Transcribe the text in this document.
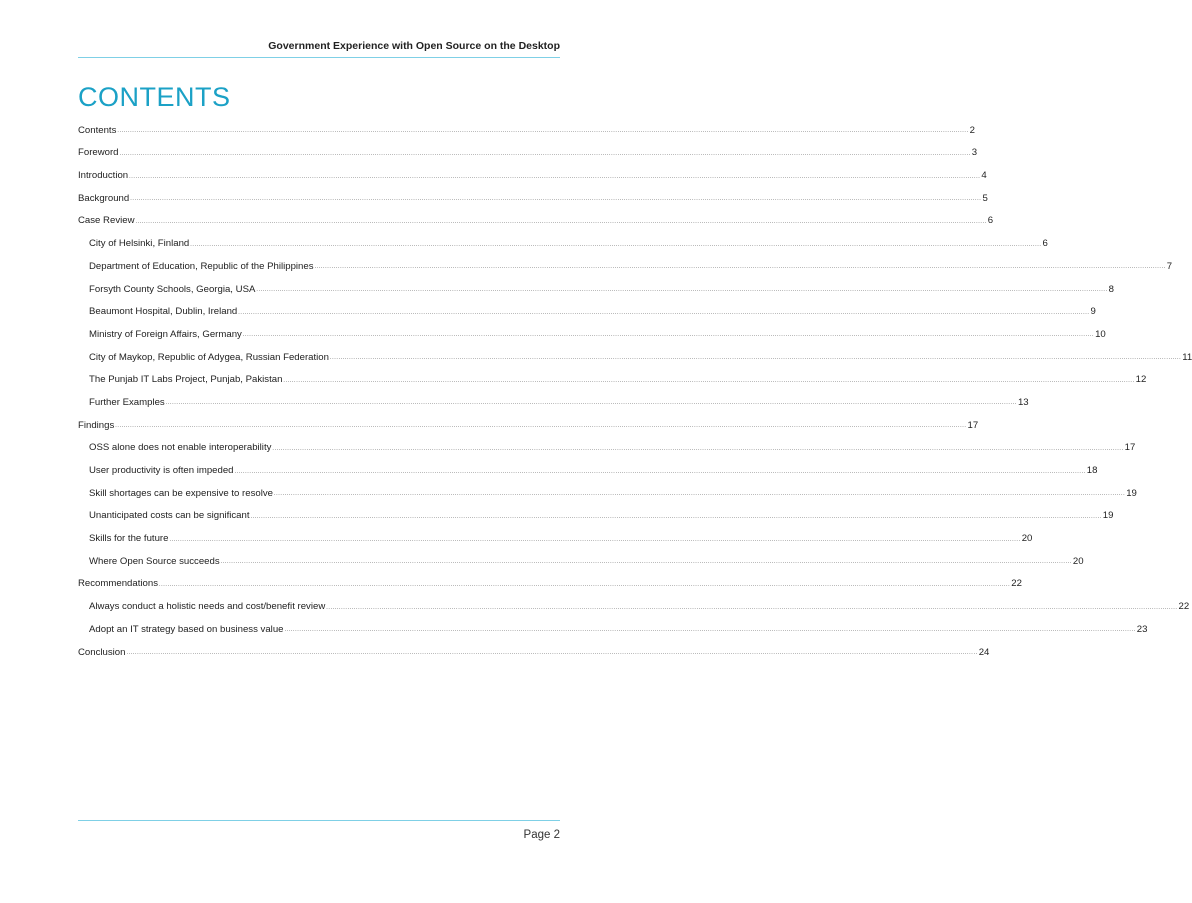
Government Experience with Open Source on the Desktop
CONTENTS
Contents ................................................................................................................................................................................................................................................................................................................................................................................................................ 2
Foreword ................................................................................................................................................................................................................................................................................................................................................................................................................ 3
Introduction ................................................................................................................................................................................................................................................................................................................................................................................................................ 4
Background ................................................................................................................................................................................................................................................................................................................................................................................................................ 5
Case Review ................................................................................................................................................................................................................................................................................................................................................................................................................ 6
City of Helsinki, Finland ................................................................................................................................................................................................................................................................................................................................................................................................................ 6
Department of Education, Republic of the Philippines ................................................................................................................................................................................................................................................................................................................................................................................................................ 7
Forsyth County Schools, Georgia, USA ................................................................................................................................................................................................................................................................................................................................................................................................................ 8
Beaumont Hospital, Dublin, Ireland ................................................................................................................................................................................................................................................................................................................................................................................................................ 9
Ministry of Foreign Affairs, Germany ................................................................................................................................................................................................................................................................................................................................................................................................................ 10
City of Maykop, Republic of Adygea, Russian Federation ................................................................................................................................................................................................................................................................................................................................................................................................................ 11
The Punjab IT Labs Project, Punjab, Pakistan ................................................................................................................................................................................................................................................................................................................................................................................................................ 12
Further Examples ................................................................................................................................................................................................................................................................................................................................................................................................................ 13
Findings ................................................................................................................................................................................................................................................................................................................................................................................................................ 17
OSS alone does not enable interoperability ................................................................................................................................................................................................................................................................................................................................................................................................................ 17
User productivity is often impeded ................................................................................................................................................................................................................................................................................................................................................................................................................ 18
Skill shortages can be expensive to resolve ................................................................................................................................................................................................................................................................................................................................................................................................................ 19
Unanticipated costs can be significant ................................................................................................................................................................................................................................................................................................................................................................................................................ 19
Skills for the future ................................................................................................................................................................................................................................................................................................................................................................................................................ 20
Where Open Source succeeds ................................................................................................................................................................................................................................................................................................................................................................................................................ 20
Recommendations ................................................................................................................................................................................................................................................................................................................................................................................................................ 22
Always conduct a holistic needs and cost/benefit review ................................................................................................................................................................................................................................................................................................................................................................................................................ 22
Adopt an IT strategy based on business value ................................................................................................................................................................................................................................................................................................................................................................................................................ 23
Conclusion ................................................................................................................................................................................................................................................................................................................................................................................................................ 24
Page 2
